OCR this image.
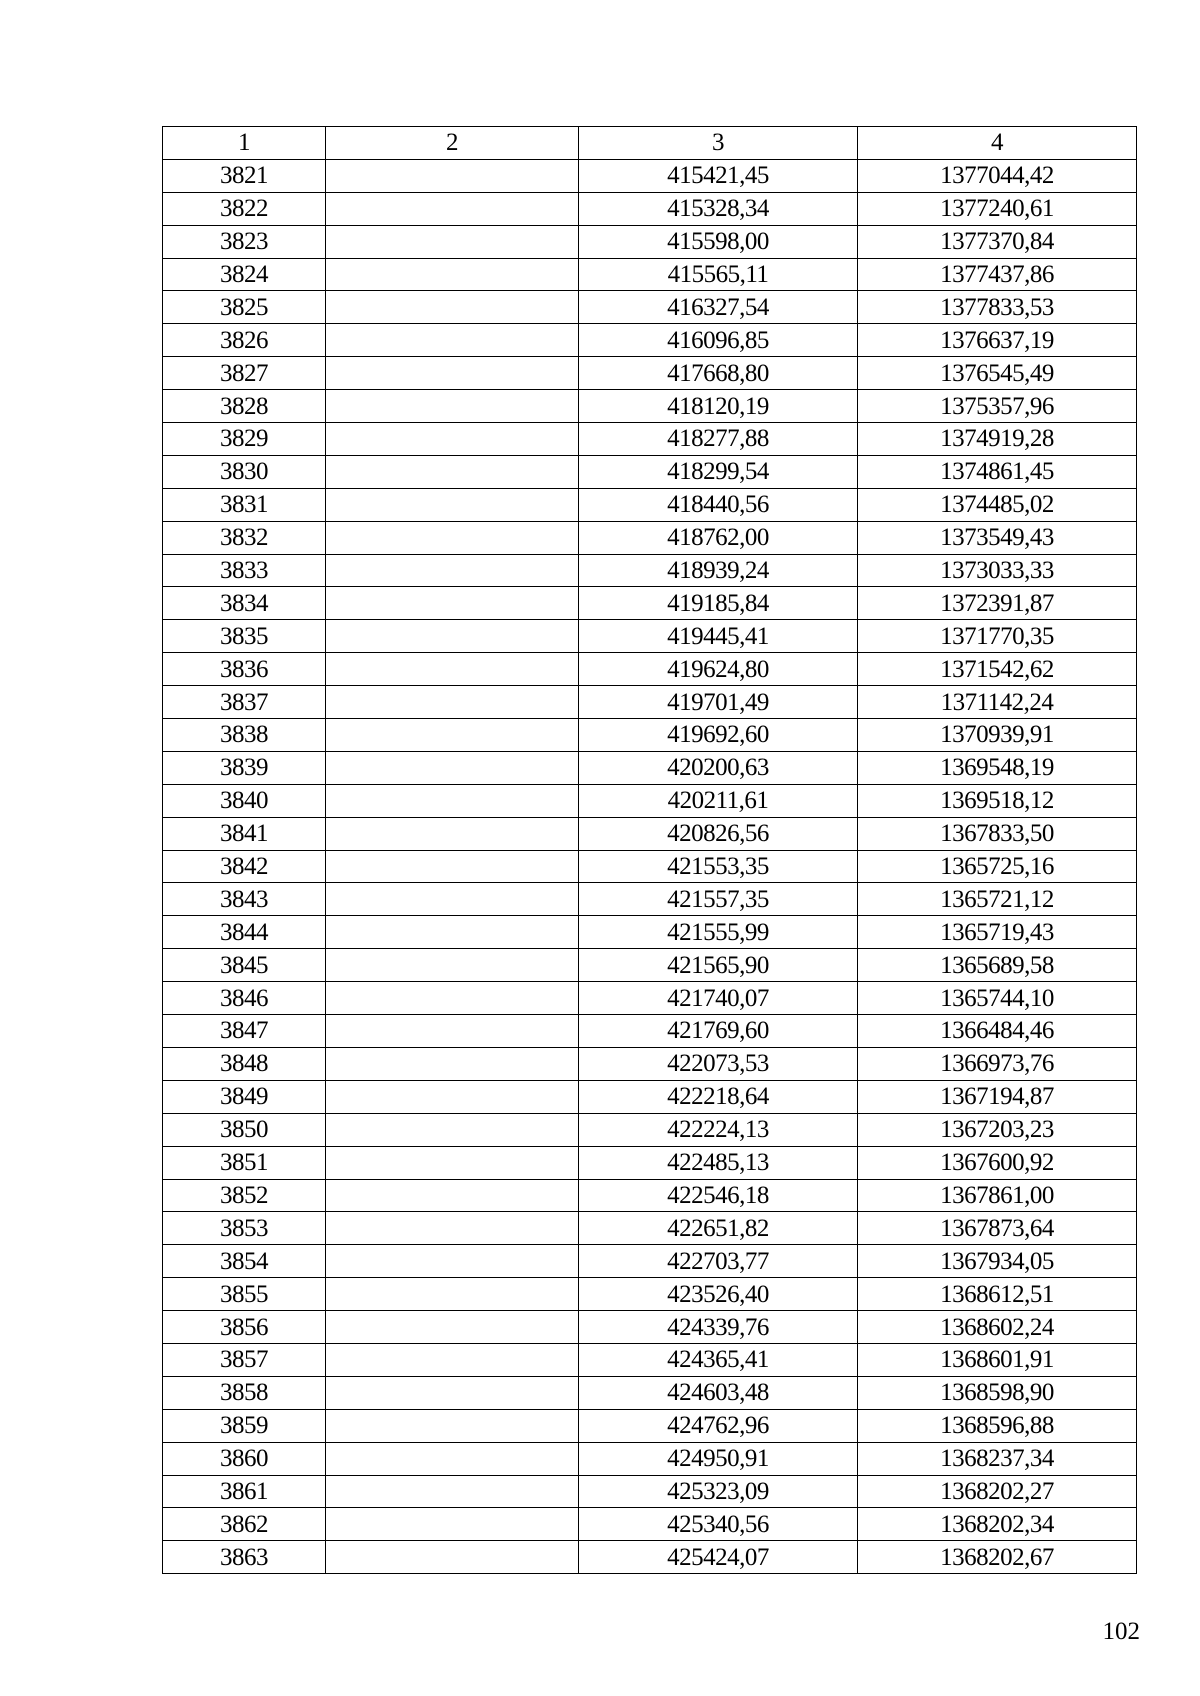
1	2	3	4
3821		415421,45	1377044,42
3822		415328,34	1377240,61
3823		415598,00	1377370,84
3824		415565,11	1377437,86
3825		416327,54	1377833,53
3826		416096,85	1376637,19
3827		417668,80	1376545,49
3828		418120,19	1375357,96
3829		418277,88	1374919,28
3830		418299,54	1374861,45
3831		418440,56	1374485,02
3832		418762,00	1373549,43
3833		418939,24	1373033,33
3834		419185,84	1372391,87
3835		419445,41	1371770,35
3836		419624,80	1371542,62
3837		419701,49	1371142,24
3838		419692,60	1370939,91
3839		420200,63	1369548,19
3840		420211,61	1369518,12
3841		420826,56	1367833,50
3842		421553,35	1365725,16
3843		421557,35	1365721,12
3844		421555,99	1365719,43
3845		421565,90	1365689,58
3846		421740,07	1365744,10
3847		421769,60	1366484,46
3848		422073,53	1366973,76
3849		422218,64	1367194,87
3850		422224,13	1367203,23
3851		422485,13	1367600,92
3852		422546,18	1367861,00
3853		422651,82	1367873,64
3854		422703,77	1367934,05
3855		423526,40	1368612,51
3856		424339,76	1368602,24
3857		424365,41	1368601,91
3858		424603,48	1368598,90
3859		424762,96	1368596,88
3860		424950,91	1368237,34
3861		425323,09	1368202,27
3862		425340,56	1368202,34
3863		425424,07	1368202,67
102
